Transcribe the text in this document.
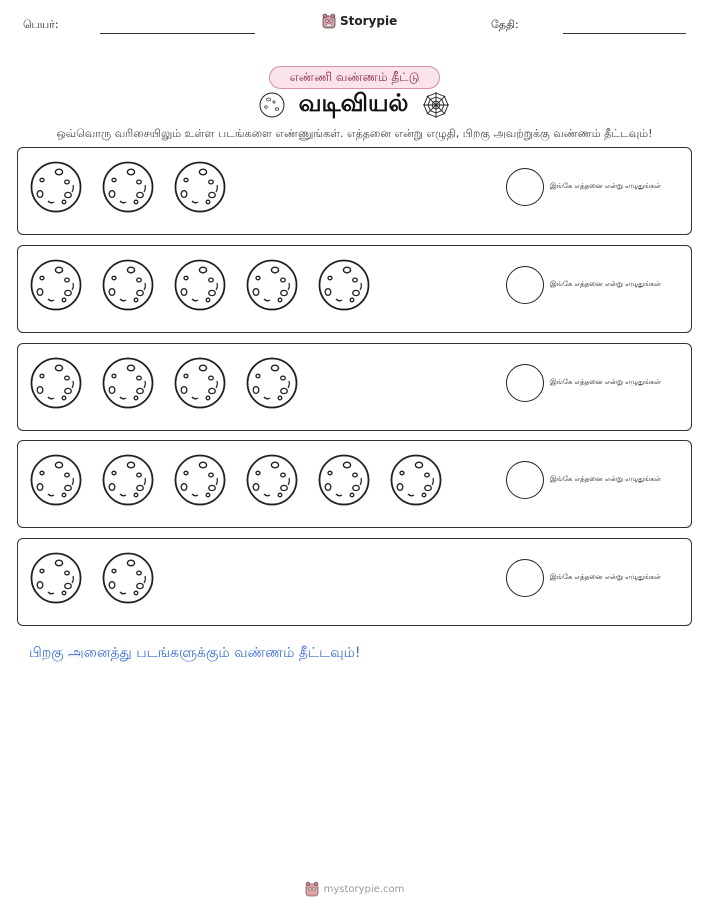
பெயர்:	Storypie	தேதி:
எண்ணி வண்ணம் தீட்டு
வடிவியல்
ஒவ்வொரு வரிசையிலும் உள்ள படங்களை எண்ணுங்கள். எத்தனை என்று எழுதி, பிறகு அவற்றுக்கு வண்ணம் தீட்டவும்!
இங்கே எத்தனை என்று எழுதுங்கள்
இங்கே எத்தனை என்று எழுதுங்கள்
இங்கே எத்தனை என்று எழுதுங்கள்
இங்கே எத்தனை என்று எழுதுங்கள்
இங்கே எத்தனை என்று எழுதுங்கள்
பிறகு அனைத்து படங்களுக்கும் வண்ணம் தீட்டவும்!
mystorypie.com
